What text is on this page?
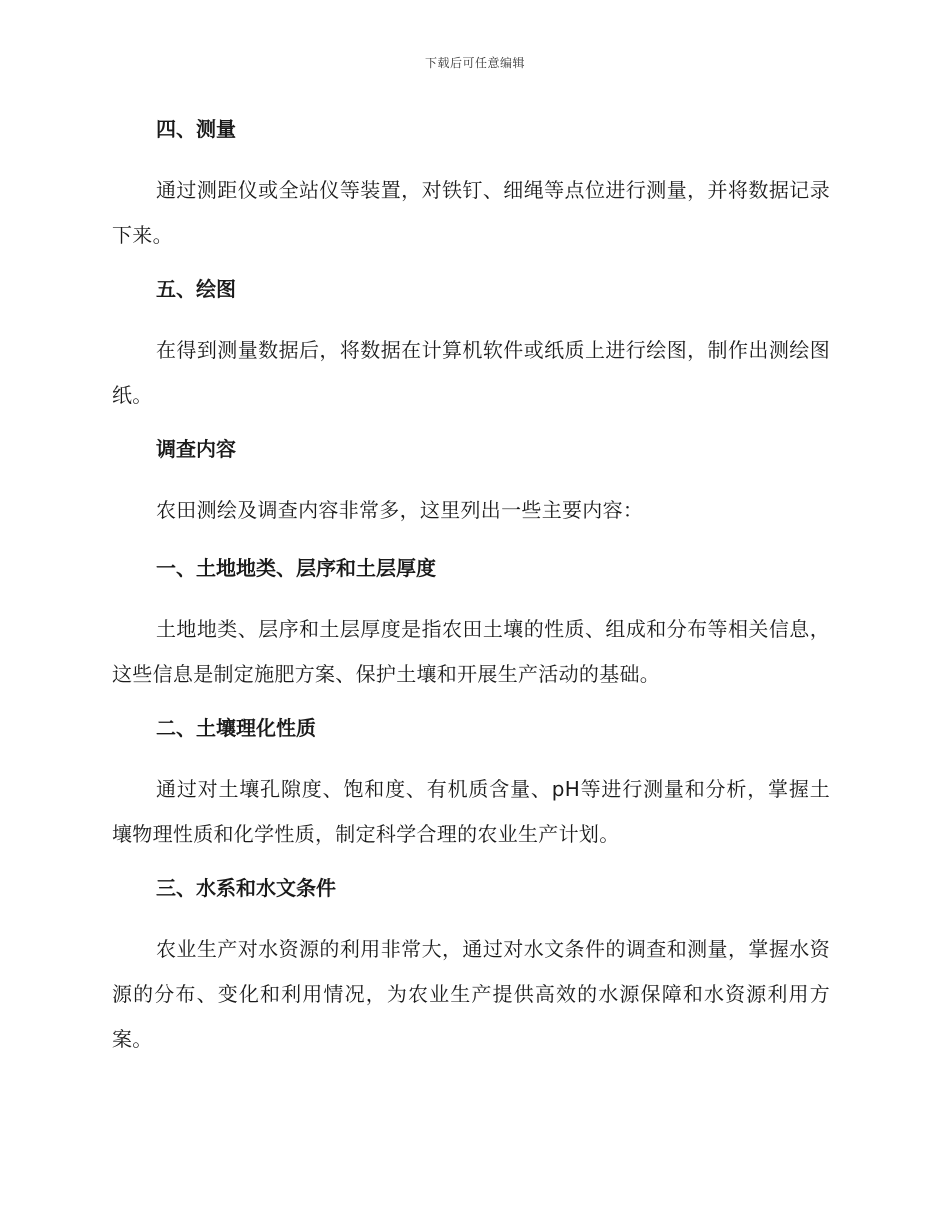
下载后可任意编辑
四、测量

通过测距仪或全站仪等装置，对铁钉、细绳等点位进行测量，并将数据记录下来。

五、绘图

在得到测量数据后，将数据在计算机软件或纸质上进行绘图，制作出测绘图纸。

调查内容

农田测绘及调查内容非常多，这里列出一些主要内容：

一、土地地类、层序和土层厚度

土地地类、层序和土层厚度是指农田土壤的性质、组成和分布等相关信息，这些信息是制定施肥方案、保护土壤和开展生产活动的基础。

二、土壤理化性质

通过对土壤孔隙度、饱和度、有机质含量、pH等进行测量和分析，掌握土壤物理性质和化学性质，制定科学合理的农业生产计划。

三、水系和水文条件

农业生产对水资源的利用非常大，通过对水文条件的调查和测量，掌握水资源的分布、变化和利用情况，为农业生产提供高效的水源保障和水资源利用方案。
